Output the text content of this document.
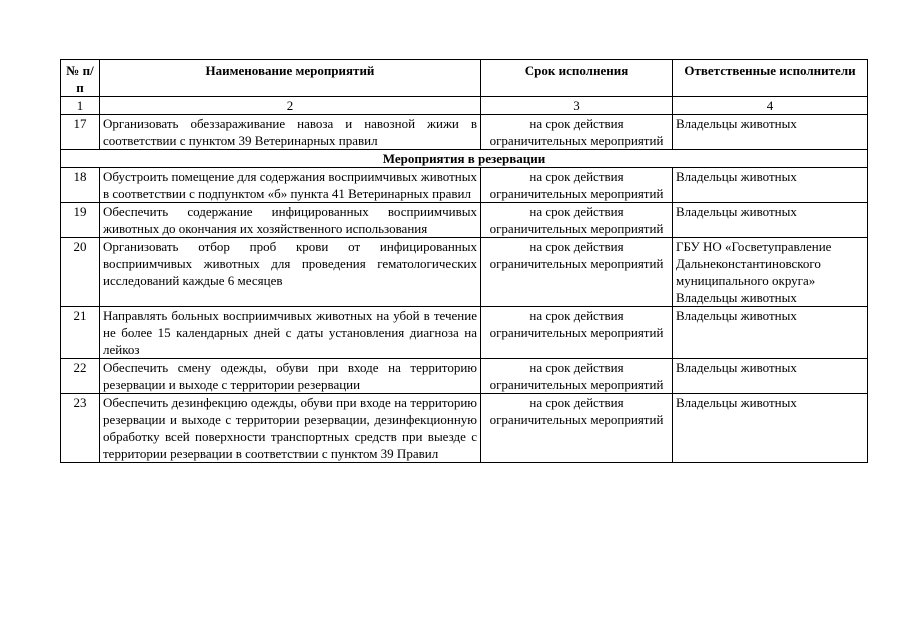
№ п/п	Наименование мероприятий	Срок исполнения	Ответственные исполнители
1	2	3	4
17	Организовать обеззараживание навоза и навозной жижи в соответствии с пунктом 39 Ветеринарных правил	на срок действия ограничительных мероприятий	Владельцы животных
Мероприятия в резервации			
18	Обустроить помещение для содержания восприимчивых животных в соответствии с подпунктом «б» пункта 41 Ветеринарных правил	на срок действия ограничительных мероприятий	Владельцы животных
19	Обеспечить содержание инфицированных восприимчивых животных до окончания их хозяйственного использования	на срок действия ограничительных мероприятий	Владельцы животных
20	Организовать отбор проб крови от инфицированных восприимчивых животных для проведения гематологических исследований каждые 6 месяцев	на срок действия ограничительных мероприятий	ГБУ НО «Госветуправление Дальнеконстантиновского муниципального округа» Владельцы животных
21	Направлять больных восприимчивых животных на убой в течение не более 15 календарных дней с даты установления диагноза на лейкоз	на срок действия ограничительных мероприятий	Владельцы животных
22	Обеспечить смену одежды, обуви при входе на территорию резервации и выходе с территории резервации	на срок действия ограничительных мероприятий	Владельцы животных
23	Обеспечить дезинфекцию одежды, обуви при входе на территорию резервации и выходе с территории резервации, дезинфекционную обработку всей поверхности транспортных средств при выезде с территории резервации в соответствии с пунктом 39 Правил	на срок действия ограничительных мероприятий	Владельцы животных
